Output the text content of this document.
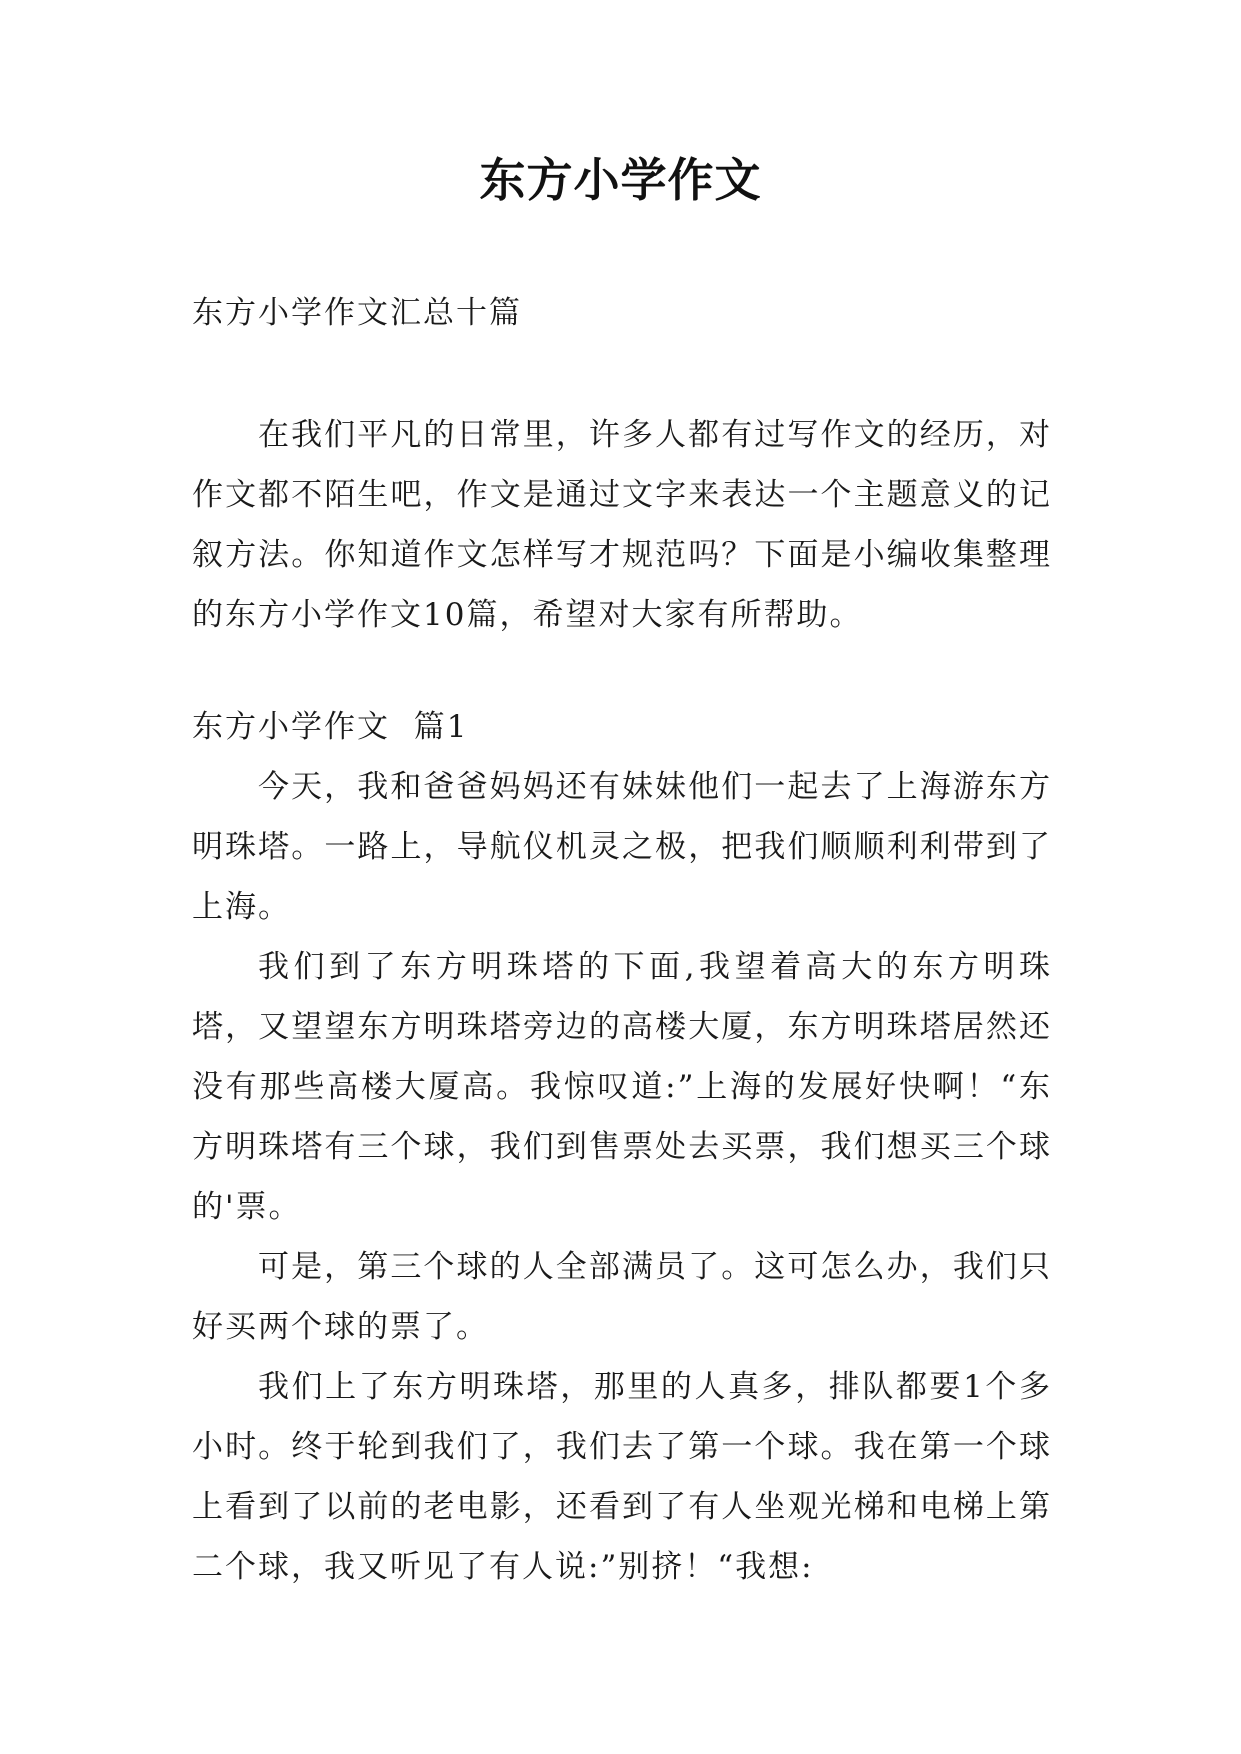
东方小学作文

东方小学作文汇总十篇

在我们平凡的日常里，许多人都有过写作文的经历，对作文都不陌生吧，作文是通过文字来表达一个主题意义的记叙方法。你知道作文怎样写才规范吗？下面是小编收集整理的东方小学作文10篇，希望对大家有所帮助。

东方小学作文  篇1

今天，我和爸爸妈妈还有妹妹他们一起去了上海游东方明珠塔。一路上，导航仪机灵之极，把我们顺顺利利带到了上海。

我们到了东方明珠塔的下面,我望着高大的东方明珠塔，又望望东方明珠塔旁边的高楼大厦，东方明珠塔居然还没有那些高楼大厦高。我惊叹道:”上海的发展好快啊！“东方明珠塔有三个球，我们到售票处去买票，我们想买三个球的'票。

可是，第三个球的人全部满员了。这可怎么办，我们只好买两个球的票了。

我们上了东方明珠塔，那里的人真多，排队都要1个多小时。终于轮到我们了，我们去了第一个球。我在第一个球上看到了以前的老电影，还看到了有人坐观光梯和电梯上第二个球，我又听见了有人说:”别挤！“我想:
